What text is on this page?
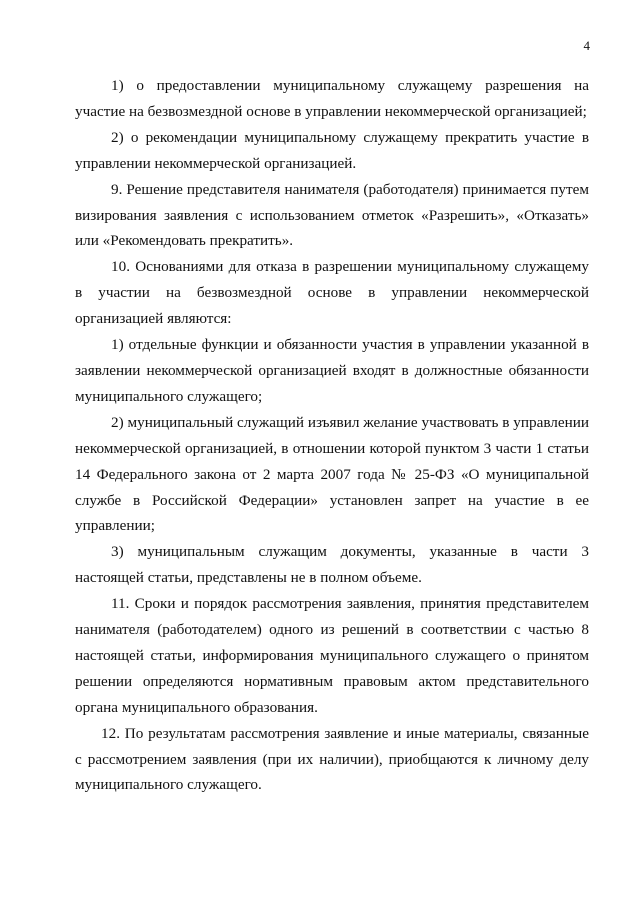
4

1) о предоставлении муниципальному служащему разрешения на участие на безвозмездной основе в управлении некоммерческой организацией;

2) о рекомендации муниципальному служащему прекратить участие в управлении некоммерческой организацией.

9. Решение представителя нанимателя (работодателя) принимается путем визирования заявления с использованием отметок «Разрешить», «Отказать» или «Рекомендовать прекратить».

10. Основаниями для отказа в разрешении муниципальному служащему в участии на безвозмездной основе в управлении некоммерческой организацией являются:

1) отдельные функции и обязанности участия в управлении указанной в заявлении некоммерческой организацией входят в должностные обязанности муниципального служащего;

2) муниципальный служащий изъявил желание участвовать в управлении некоммерческой организацией, в отношении которой пунктом 3 части 1 статьи 14 Федерального закона от 2 марта 2007 года № 25-ФЗ «О муниципальной службе в Российской Федерации» установлен запрет на участие в ее управлении;

3) муниципальным служащим документы, указанные в части 3 настоящей статьи, представлены не в полном объеме.

11. Сроки и порядок рассмотрения заявления, принятия представителем нанимателя (работодателем) одного из решений в соответствии с частью 8 настоящей статьи, информирования муниципального служащего о принятом решении определяются нормативным правовым актом представительного органа муниципального образования.

12. По результатам рассмотрения заявление и иные материалы, связанные с рассмотрением заявления (при их наличии), приобщаются к личному делу муниципального служащего.
